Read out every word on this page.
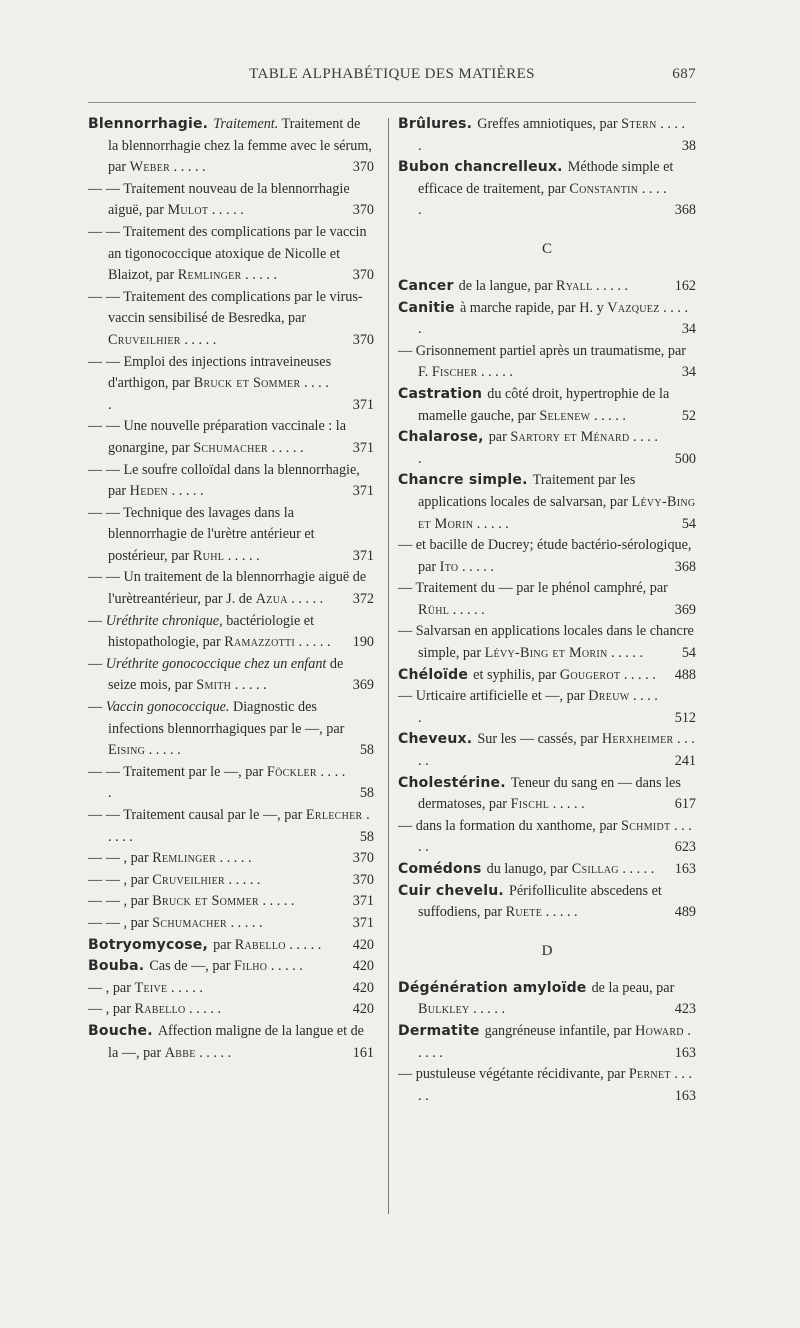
TABLE ALPHABÉTIQUE DES MATIÈRES	687
Blennorrhagie. Traitement. Traitement de la blennorrhagie chez la femme avec le sérum, par Weber . . . . .	370
— — Traitement nouveau de la blennorrhagie aiguë, par Mulot . . . . .	370
— — Traitement des complications par le vaccin an tigonococcique atoxique de Nicolle et Blaizot, par Remlinger . . . . .	370
— — Traitement des complications par le virus-vaccin sensibilisé de Besredka, par Cruveilhier . . . . .	370
— — Emploi des injections intraveineuses d'arthigon, par Bruck et Sommer . . . . .	371
— — Une nouvelle préparation vaccinale : la gonargine, par Schumacher . . . . .	371
— — Le soufre colloïdal dans la blennorrhagie, par Heden . . . . .	371
— — Technique des lavages dans la blennorrhagie de l'urètre antérieur et postérieur, par Ruhl . . . . .	371
— — Un traitement de la blennorrhagie aiguë de l'urètreantérieur, par J. de Azua . . . . . 372
— Uréthrite chronique, bactériologie et histopathologie, par Ramazzotti . . . . . 190
— Uréthrite gonococcique chez un enfant de seize mois, par Smith . . . . .	369
— Vaccin gonococcique. Diagnostic des infections blennorrhagiques par le —, par Eising . . . . .	58
— — Traitement par le —, par Föckler . . . . .	58
— — Traitement causal par le —, par Erlecher . . . . .	58
— — , par Remlinger . . . . .	370
— — , par Cruveilhier . . . . .	370
— — , par Bruck et Sommer . . . . .	371
— — , par Schumacher . . . . .	371
Botryomycose, par Rabello . . . . . 420
Bouba. Cas de —, par Filho . . . . .	420
— , par Teive . . . . .	420
— , par Rabello . . . . .	420
Bouche. Affection maligne de la langue et de la —, par Abbe . . . . .	161
Brûlures. Greffes amniotiques, par Stern . . . . .	38
Bubon chancrelleux. Méthode simple et efficace de traitement, par Constantin . . . . .	368
C
Cancer de la langue, par Ryall . . . . .	162
Canitie à marche rapide, par H. y Vazquez . . . . .	34
— Grisonnement partiel après un traumatisme, par F. Fischer . . . . .	34
Castration du côté droit, hypertrophie de la mamelle gauche, par Selenew . . . . .	52
Chalarose, par Sartory et Ménard . . . . .	500
Chancre simple. Traitement par les applications locales de salvarsan, par Lévy-Bing et Morin . . . . .	54
— et bacille de Ducrey; étude bactério-sérologique, par Ito . . . . .	368
— Traitement du — par le phénol camphré, par Rühl . . . . .	369
— Salvarsan en applications locales dans le chancre simple, par Lévy-Bing et Morin . . . . .	54
Chéloïde et syphilis, par Gougerot . . . . . 488
— Urticaire artificielle et —, par Dreuw . . . . .	512
Cheveux. Sur les — cassés, par Herxheimer . . . . .	241
Cholestérine. Teneur du sang en — dans les dermatoses, par Fischl . . . . .	617
— dans la formation du xanthome, par Schmidt . . . . .	623
Comédons du lanugo, par Csillag . . . . . 163
Cuir chevelu. Périfolliculite abscedens et suffodiens, par Ruete . . . . .	489
D
Dégénération amyloïde de la peau, par Bulkley . . . . .	423
Dermatite gangréneuse infantile, par Howard . . . . .	163
— pustuleuse végétante récidivante, par Pernet . . . . .	163
